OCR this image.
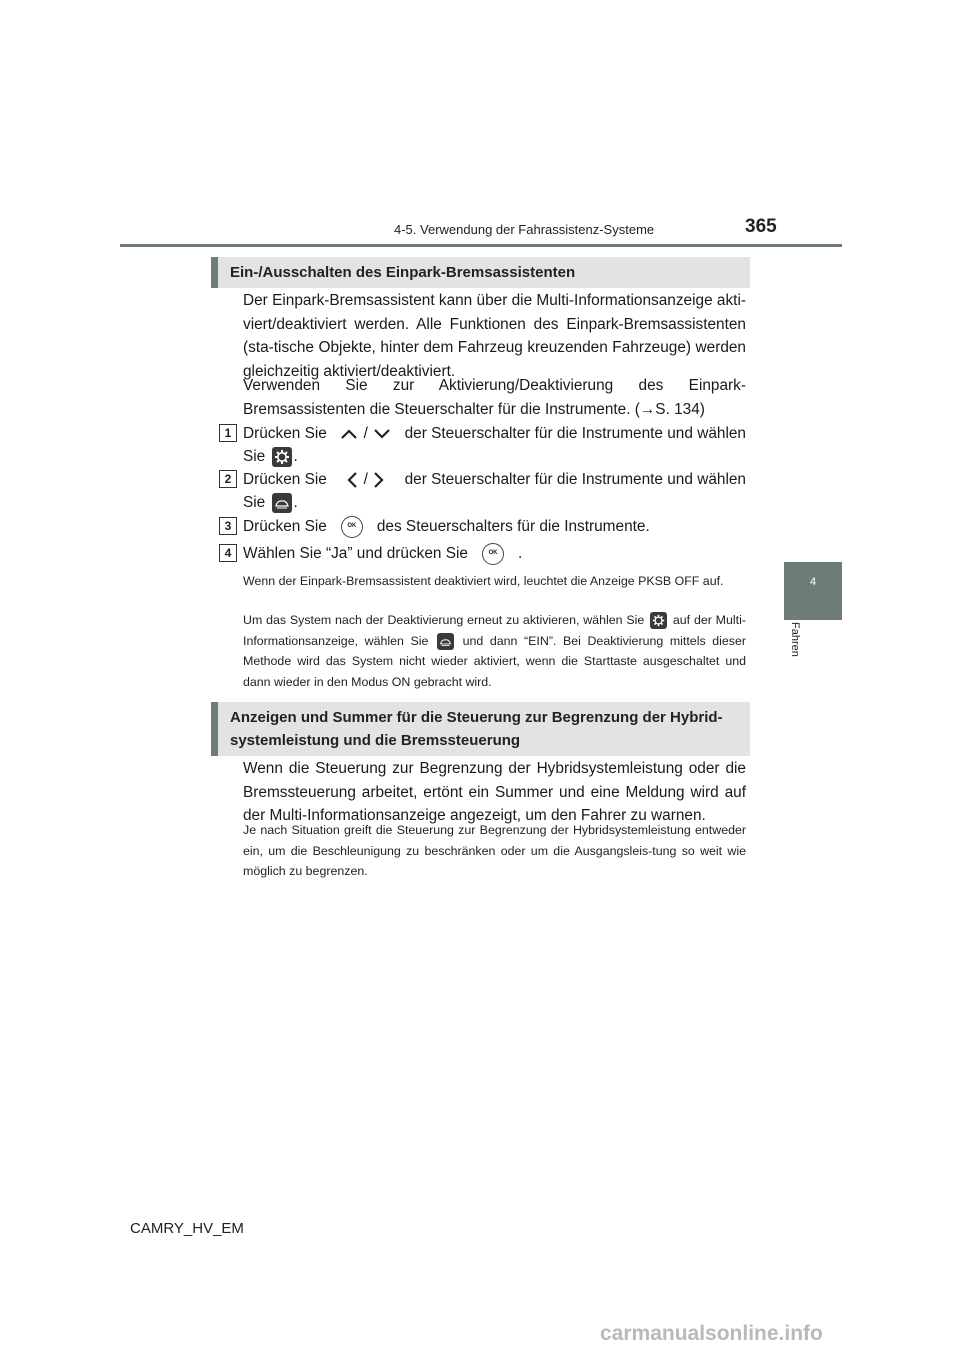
4-5. Verwendung der Fahrassistenz-Systeme	365
4
Fahren
Ein-/Ausschalten des Einpark-Bremsassistenten
Der Einpark-Bremsassistent kann über die Multi-Informationsanzeige akti-viert/deaktiviert werden. Alle Funktionen des Einpark-Bremsassistenten (sta-tische Objekte, hinter dem Fahrzeug kreuzenden Fahrzeuge) werden gleichzeitig aktiviert/deaktiviert.
Verwenden Sie zur Aktivierung/Deaktivierung des Einpark-Bremsassistenten die Steuerschalter für die Instrumente. (→S. 134)
1 Drücken Sie	/	der Steuerschalter für die Instrumente und wählen
Sie .
2 Drücken Sie	/	der Steuerschalter für die Instrumente und wählen
Sie .
3 Drücken Sie	OK des Steuerschalters für die Instrumente.
4 Wählen Sie “Ja” und drücken Sie	OK .
Wenn der Einpark-Bremsassistent deaktiviert wird, leuchtet die Anzeige PKSB OFF auf.
Um das System nach der Deaktivierung erneut zu aktivieren, wählen Sie auf der Multi-Informationsanzeige, wählen Sie	und dann “EIN”. Bei Deaktivierung mittels dieser Methode wird das System nicht wieder aktiviert, wenn die Starttaste ausgeschaltet und dann wieder in den Modus ON gebracht wird.
Anzeigen und Summer für die Steuerung zur Begrenzung der Hybrid-systemleistung und die Bremssteuerung
Wenn die Steuerung zur Begrenzung der Hybridsystemleistung oder die Bremssteuerung arbeitet, ertönt ein Summer und eine Meldung wird auf der Multi-Informationsanzeige angezeigt, um den Fahrer zu warnen.
Je nach Situation greift die Steuerung zur Begrenzung der Hybridsystemleistung entweder ein, um die Beschleunigung zu beschränken oder um die Ausgangsleis-tung so weit wie möglich zu begrenzen.
CAMRY_HV_EM
carmanualsonline.info
